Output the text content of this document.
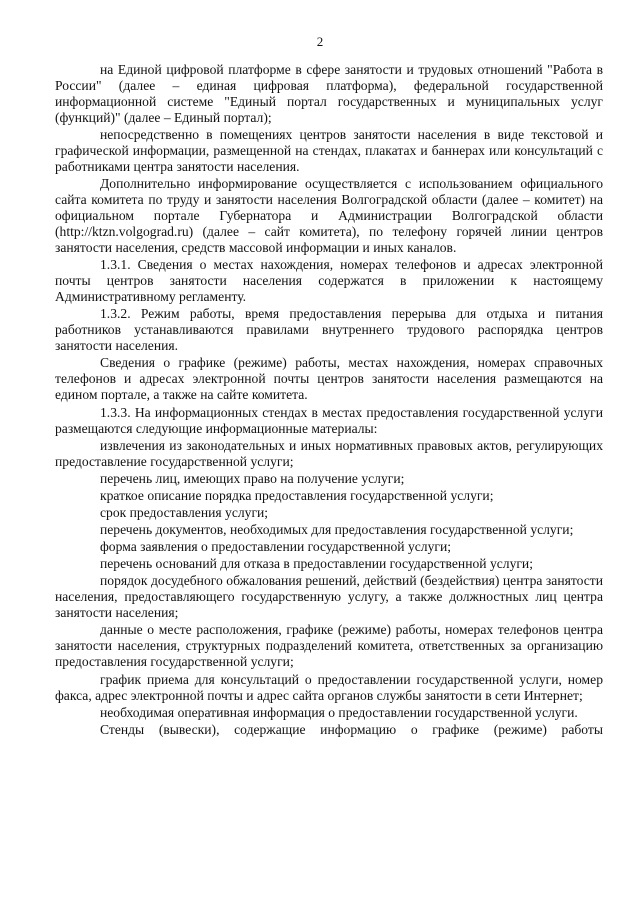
2

на Единой цифровой платформе в сфере занятости и трудовых отношений "Работа в России" (далее – единая цифровая платформа), федеральной государственной информационной системе "Единый портал государственных и муниципальных услуг (функций)" (далее – Единый портал);

непосредственно в помещениях центров занятости населения в виде текстовой и графической информации, размещенной на стендах, плакатах и баннерах или консультаций с работниками центра занятости населения.

Дополнительно информирование осуществляется с использованием официального сайта комитета по труду и занятости населения Волгоградской области (далее – комитет) на официальном портале Губернатора и Администрации Волгоградской области (http://ktzn.volgograd.ru) (далее – сайт комитета), по телефону горячей линии центров занятости населения, средств массовой информации и иных каналов.

1.3.1. Сведения о местах нахождения, номерах телефонов и адресах электронной почты центров занятости населения содержатся в приложении к настоящему Административному регламенту.

1.3.2. Режим работы, время предоставления перерыва для отдыха и питания работников устанавливаются правилами внутреннего трудового распорядка центров занятости населения.

Сведения о графике (режиме) работы, местах нахождения, номерах справочных телефонов и адресах электронной почты центров занятости населения размещаются на едином портале, а также на сайте комитета.

1.3.3. На информационных стендах в местах предоставления государственной услуги размещаются следующие информационные материалы:

извлечения из законодательных и иных нормативных правовых актов, регулирующих предоставление государственной услуги;

перечень лиц, имеющих право на получение услуги;

краткое описание порядка предоставления государственной услуги;

срок предоставления услуги;

перечень документов, необходимых для предоставления государственной услуги;

форма заявления о предоставлении государственной услуги;

перечень оснований для отказа в предоставлении государственной услуги;

порядок досудебного обжалования решений, действий (бездействия) центра занятости населения, предоставляющего государственную услугу, а также должностных лиц центра занятости населения;

данные о месте расположения, графике (режиме) работы, номерах телефонов центра занятости населения, структурных подразделений комитета, ответственных за организацию предоставления государственной услуги;

график приема для консультаций о предоставлении государственной услуги, номер факса, адрес электронной почты и адрес сайта органов службы занятости в сети Интернет;

необходимая оперативная информация о предоставлении государственной услуги.

Стенды (вывески), содержащие информацию о графике (режиме) работы
